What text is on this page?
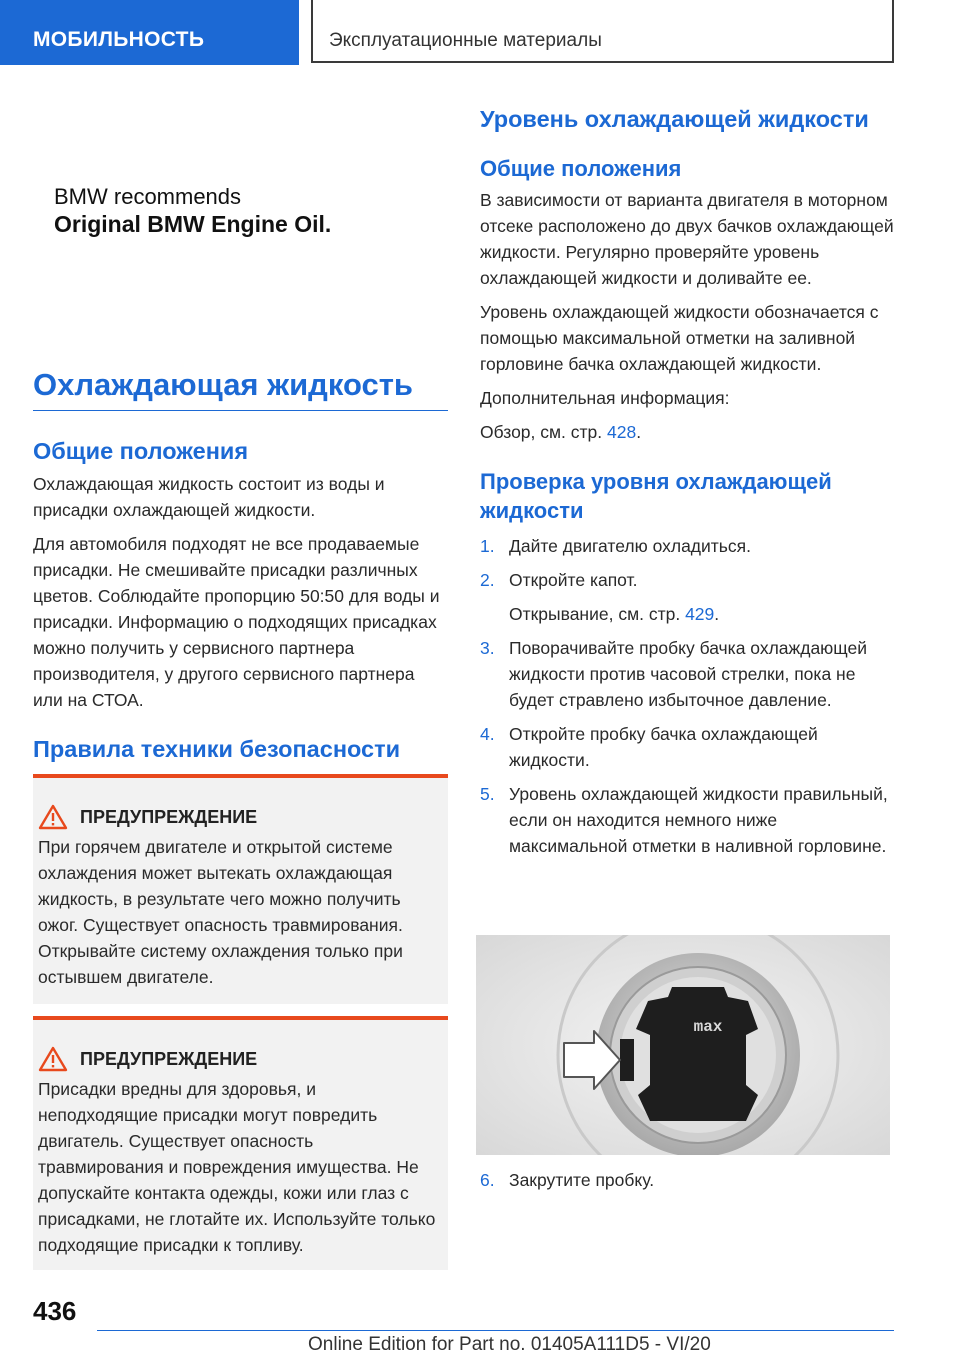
МОБИЛЬНОСТЬ	Эксплуатационные материалы
BMW recommends
Original BMW Engine Oil.
Охлаждающая жидкость
Общие положения

Охлаждающая жидкость состоит из воды и присадки охлаждающей жидкости.

Для автомобиля подходят не все продаваемые присадки. Не смешивайте присадки различных цветов. Соблюдайте пропорцию 50:50 для воды и присадки. Информацию о подходящих присадках можно получить у сервисного партнера производителя, у другого сервисного партнера или на СТОА.

Правила техники безопасности
ПРЕДУПРЕЖДЕНИЕ

При горячем двигателе и открытой системе охлаждения может вытекать охлаждающая жидкость, в результате чего можно получить ожог. Существует опасность травмирования. Открывайте систему охлаждения только при остывшем двигателе.

ПРЕДУПРЕЖДЕНИЕ

Присадки вредны для здоровья, и неподходящие присадки могут повредить двигатель. Существует опасность травмирования и повреждения имущества. Не допускайте контакта одежды, кожи или глаз с присадками, не глотайте их. Используйте только подходящие присадки к топливу.

Уровень охлаждающей жидкости
Общие положения

В зависимости от варианта двигателя в моторном отсеке расположено до двух бачков охлаждающей жидкости. Регулярно проверяйте уровень охлаждающей жидкости и доливайте ее.

Уровень охлаждающей жидкости обозначается с помощью максимальной отметки на заливной горловине бачка охлаждающей жидкости.

Дополнительная информация:

Обзор, см. стр. 428.

Проверка уровня охлаждающей жидкости
1. Дайте двигателю охладиться.
2. Откройте капот.
Открывание, см. стр. 429.
3. Поворачивайте пробку бачка охлаждающей жидкости против часовой стрелки, пока не будет стравлено избыточное давление.
4. Откройте пробку бачка охлаждающей жидкости.
5. Уровень охлаждающей жидкости правильный, если он находится немного ниже максимальной отметки в наливной горловине.
max
6. Закрутите пробку.
436
Online Edition for Part no. 01405A111D5 - VI/20
